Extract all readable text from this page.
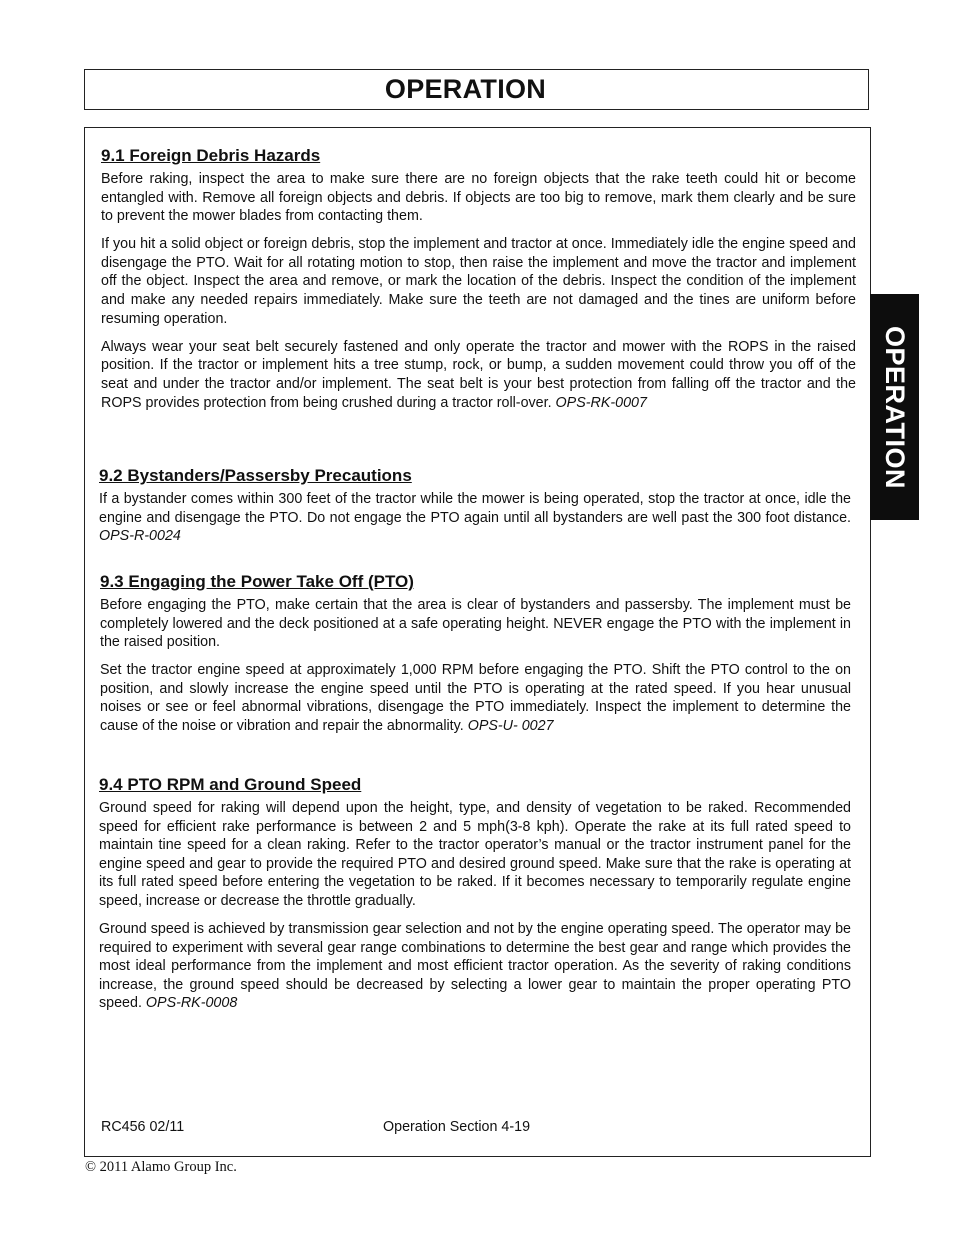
OPERATION
OPERATION
9.1 Foreign Debris Hazards

Before raking, inspect the area to make sure there are no foreign objects that the rake teeth could hit or become entangled with. Remove all foreign objects and debris. If objects are too big to remove, mark them clearly and be sure to prevent the mower blades from contacting them.

If you hit a solid object or foreign debris, stop the implement and tractor at once. Immediately idle the engine speed and disengage the PTO. Wait for all rotating motion to stop, then raise the implement and move the tractor and implement off the object. Inspect the area and remove, or mark the location of the debris. Inspect the condition of the implement and make any needed repairs immediately. Make sure the teeth are not damaged and the tines are uniform before resuming operation.

Always wear your seat belt securely fastened and only operate the tractor and mower with the ROPS in the raised position. If the tractor or implement hits a tree stump, rock, or bump, a sudden movement could throw you off of the seat and under the tractor and/or implement. The seat belt is your best protection from falling off the tractor and the ROPS provides protection from being crushed during a tractor roll-over. OPS-RK-0007

9.2 Bystanders/Passersby Precautions

If a bystander comes within 300 feet of the tractor while the mower is being operated, stop the tractor at once, idle the engine and disengage the PTO. Do not engage the PTO again until all bystanders are well past the 300 foot distance. OPS-R-0024

9.3 Engaging the Power Take Off (PTO)

Before engaging the PTO, make certain that the area is clear of bystanders and passersby. The implement must be completely lowered and the deck positioned at a safe operating height. NEVER engage the PTO with the implement in the raised position.

Set the tractor engine speed at approximately 1,000 RPM before engaging the PTO. Shift the PTO control to the on position, and slowly increase the engine speed until the PTO is operating at the rated speed. If you hear unusual noises or see or feel abnormal vibrations, disengage the PTO immediately. Inspect the implement to determine the cause of the noise or vibration and repair the abnormality. OPS-U- 0027

9.4 PTO RPM and Ground Speed

Ground speed for raking will depend upon the height, type, and density of vegetation to be raked. Recommended speed for efficient rake performance is between 2 and 5 mph(3-8 kph). Operate the rake at its full rated speed to maintain tine speed for a clean raking. Refer to the tractor operator’s manual or the tractor instrument panel for the engine speed and gear to provide the required PTO and desired ground speed. Make sure that the rake is operating at its full rated speed before entering the vegetation to be raked. If it becomes necessary to temporarily regulate engine speed, increase or decrease the throttle gradually.

Ground speed is achieved by transmission gear selection and not by the engine operating speed. The operator may be required to experiment with several gear range combinations to determine the best gear and range which provides the most ideal performance from the implement and most efficient tractor operation. As the severity of raking conditions increase, the ground speed should be decreased by selecting a lower gear to maintain the proper operating PTO speed. OPS-RK-0008

RC456 02/11	Operation Section 4-19
© 2011 Alamo Group Inc.
